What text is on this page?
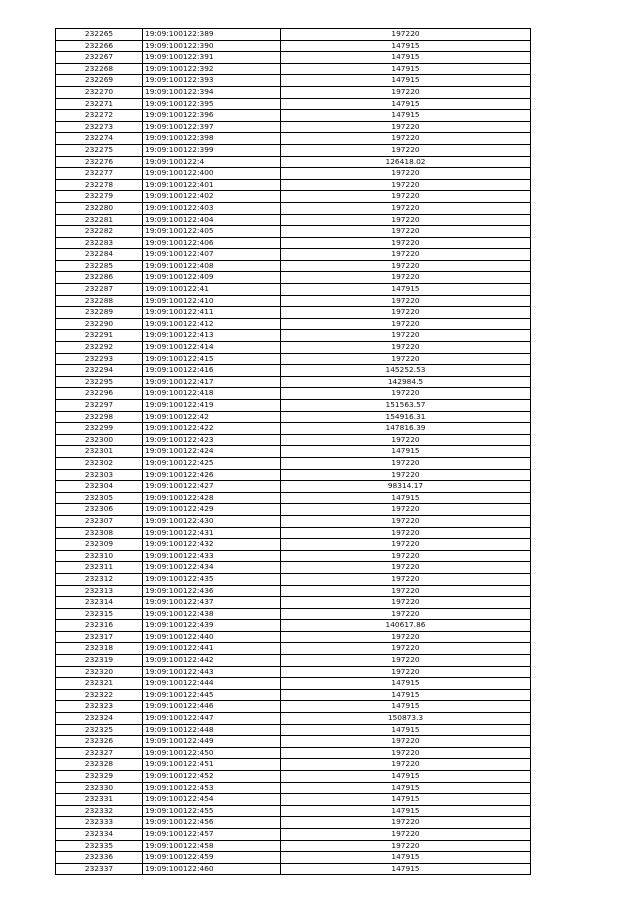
232265	19:09:100122:389	197220
232266	19:09:100122:390	147915
232267	19:09:100122:391	147915
232268	19:09:100122:392	147915
232269	19:09:100122:393	147915
232270	19:09:100122:394	197220
232271	19:09:100122:395	147915
232272	19:09:100122:396	147915
232273	19:09:100122:397	197220
232274	19:09:100122:398	197220
232275	19:09:100122:399	197220
232276	19:09:100122:4	126418.02
232277	19:09:100122:400	197220
232278	19:09:100122:401	197220
232279	19:09:100122:402	197220
232280	19:09:100122:403	197220
232281	19:09:100122:404	197220
232282	19:09:100122:405	197220
232283	19:09:100122:406	197220
232284	19:09:100122:407	197220
232285	19:09:100122:408	197220
232286	19:09:100122:409	197220
232287	19:09:100122:41	147915
232288	19:09:100122:410	197220
232289	19:09:100122:411	197220
232290	19:09:100122:412	197220
232291	19:09:100122:413	197220
232292	19:09:100122:414	197220
232293	19:09:100122:415	197220
232294	19:09:100122:416	145252.53
232295	19:09:100122:417	142984.5
232296	19:09:100122:418	197220
232297	19:09:100122:419	151563.57
232298	19:09:100122:42	154916.31
232299	19:09:100122:422	147816.39
232300	19:09:100122:423	197220
232301	19:09:100122:424	147915
232302	19:09:100122:425	197220
232303	19:09:100122:426	197220
232304	19:09:100122:427	98314.17
232305	19:09:100122:428	147915
232306	19:09:100122:429	197220
232307	19:09:100122:430	197220
232308	19:09:100122:431	197220
232309	19:09:100122:432	197220
232310	19:09:100122:433	197220
232311	19:09:100122:434	197220
232312	19:09:100122:435	197220
232313	19:09:100122:436	197220
232314	19:09:100122:437	197220
232315	19:09:100122:438	197220
232316	19:09:100122:439	140617.86
232317	19:09:100122:440	197220
232318	19:09:100122:441	197220
232319	19:09:100122:442	197220
232320	19:09:100122:443	197220
232321	19:09:100122:444	147915
232322	19:09:100122:445	147915
232323	19:09:100122:446	147915
232324	19:09:100122:447	150873.3
232325	19:09:100122:448	147915
232326	19:09:100122:449	197220
232327	19:09:100122:450	197220
232328	19:09:100122:451	197220
232329	19:09:100122:452	147915
232330	19:09:100122:453	147915
232331	19:09:100122:454	147915
232332	19:09:100122:455	147915
232333	19:09:100122:456	197220
232334	19:09:100122:457	197220
232335	19:09:100122:458	197220
232336	19:09:100122:459	147915
232337	19:09:100122:460	147915
